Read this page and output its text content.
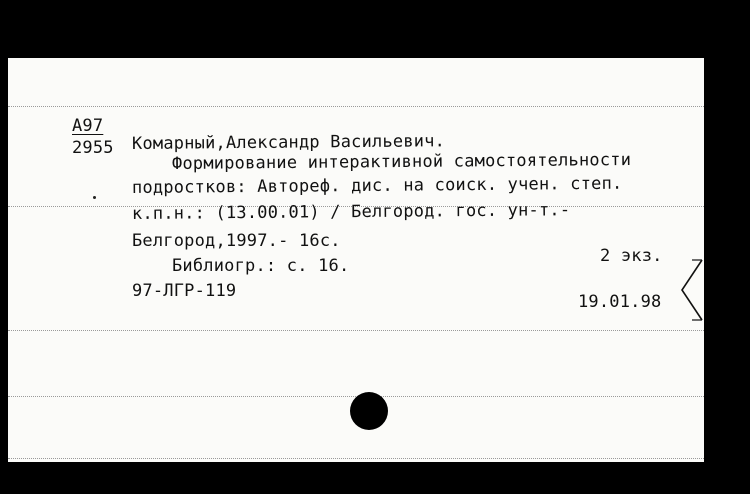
А97
2955 Комарный,Александр Васильевич.
Формирование интерактивной самостоятельности
подростков: Автореф. дис. на соиск. учен. степ.
к.п.н.: (13.00.01) / Белгород. гос. ун-т.-
Белгород,1997.- 16с.
Библиогр.: с. 16.	2 экз.
97-ЛГР-119
19.01.98
